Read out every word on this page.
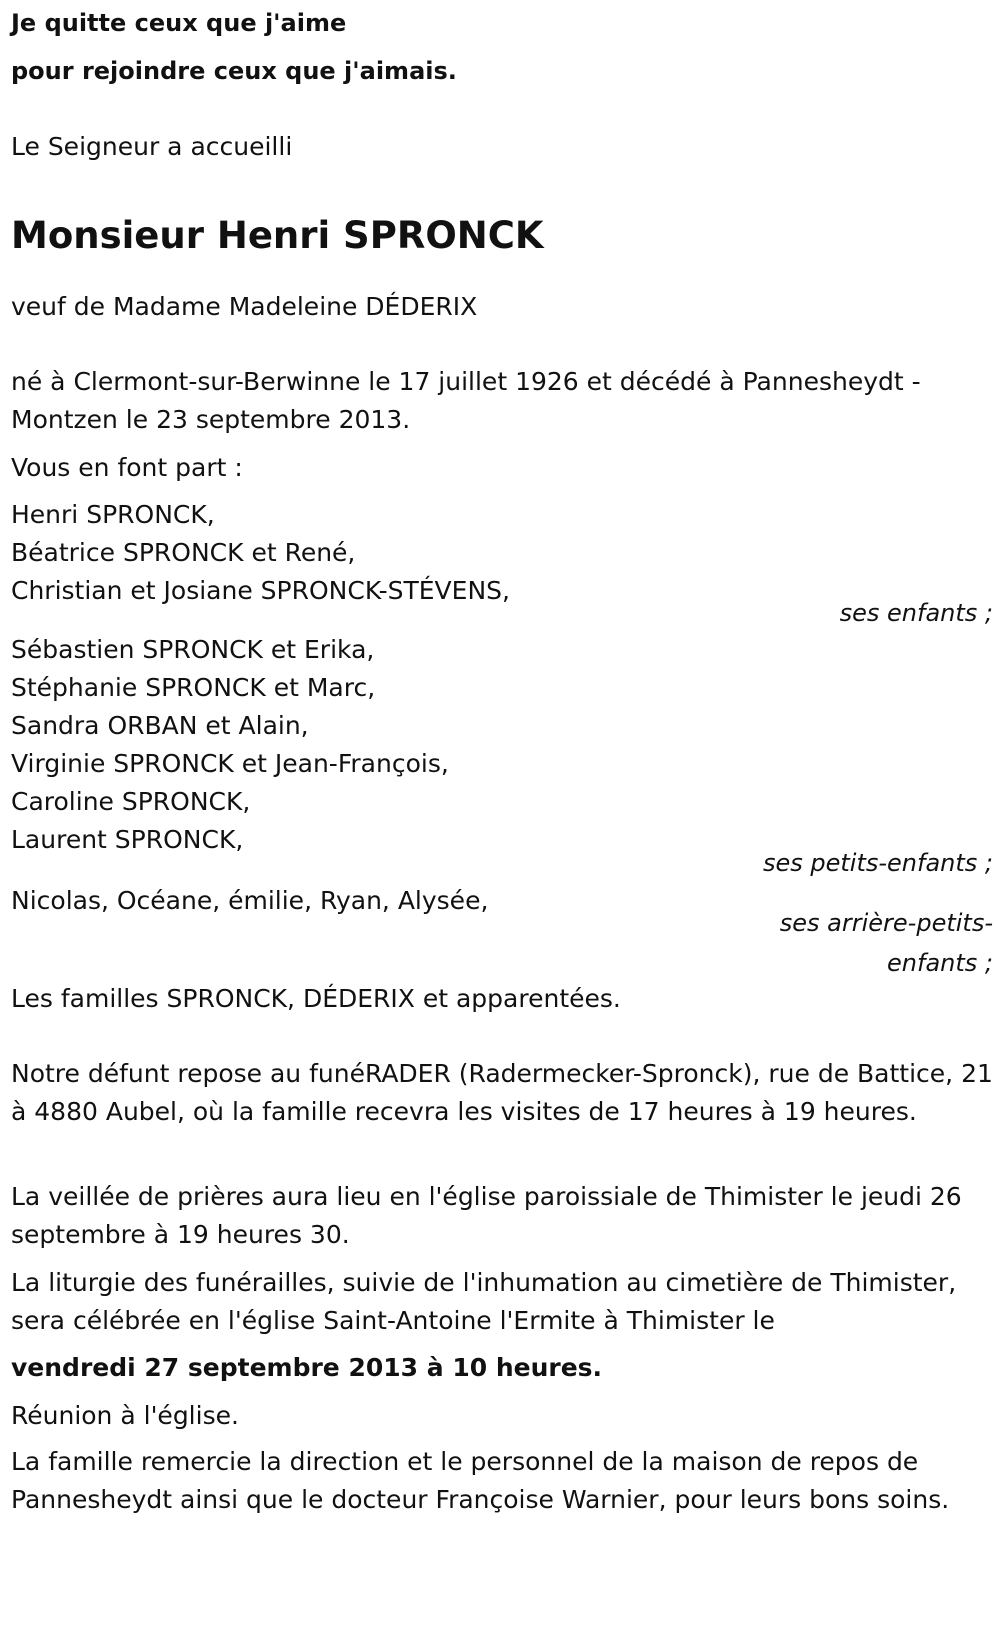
Je quitte ceux que j'aime
pour rejoindre ceux que j'aimais.
Le Seigneur a accueilli
Monsieur Henri SPRONCK
veuf de Madame Madeleine DÉDERIX

né à Clermont-sur-Berwinne le 17 juillet 1926 et décédé à Pannesheydt - Montzen le 23 septembre 2013.

Vous en font part :
Henri SPRONCK,
Béatrice SPRONCK et René,
Christian et Josiane SPRONCK-STÉVENS,
ses enfants ;
Sébastien SPRONCK et Erika,
Stéphanie SPRONCK et Marc,
Sandra ORBAN et Alain,
Virginie SPRONCK et Jean-François,
Caroline SPRONCK,
Laurent SPRONCK,
ses petits-enfants ;
Nicolas, Océane, émilie, Ryan, Alysée,
ses arrière-petits-enfants ;
Les familles SPRONCK, DÉDERIX et apparentées.

Notre défunt repose au funéRADER (Radermecker-Spronck), rue de Battice, 21 à 4880 Aubel, où la famille recevra les visites de 17 heures à 19 heures.

La veillée de prières aura lieu en l'église paroissiale de Thimister le jeudi 26 septembre à 19 heures 30.

La liturgie des funérailles, suivie de l'inhumation au cimetière de Thimister, sera célébrée en l'église Saint-Antoine l'Ermite à Thimister le

vendredi 27 septembre 2013 à 10 heures.
Réunion à l'église.

La famille remercie la direction et le personnel de la maison de repos de Pannesheydt ainsi que le docteur Françoise Warnier, pour leurs bons soins.
